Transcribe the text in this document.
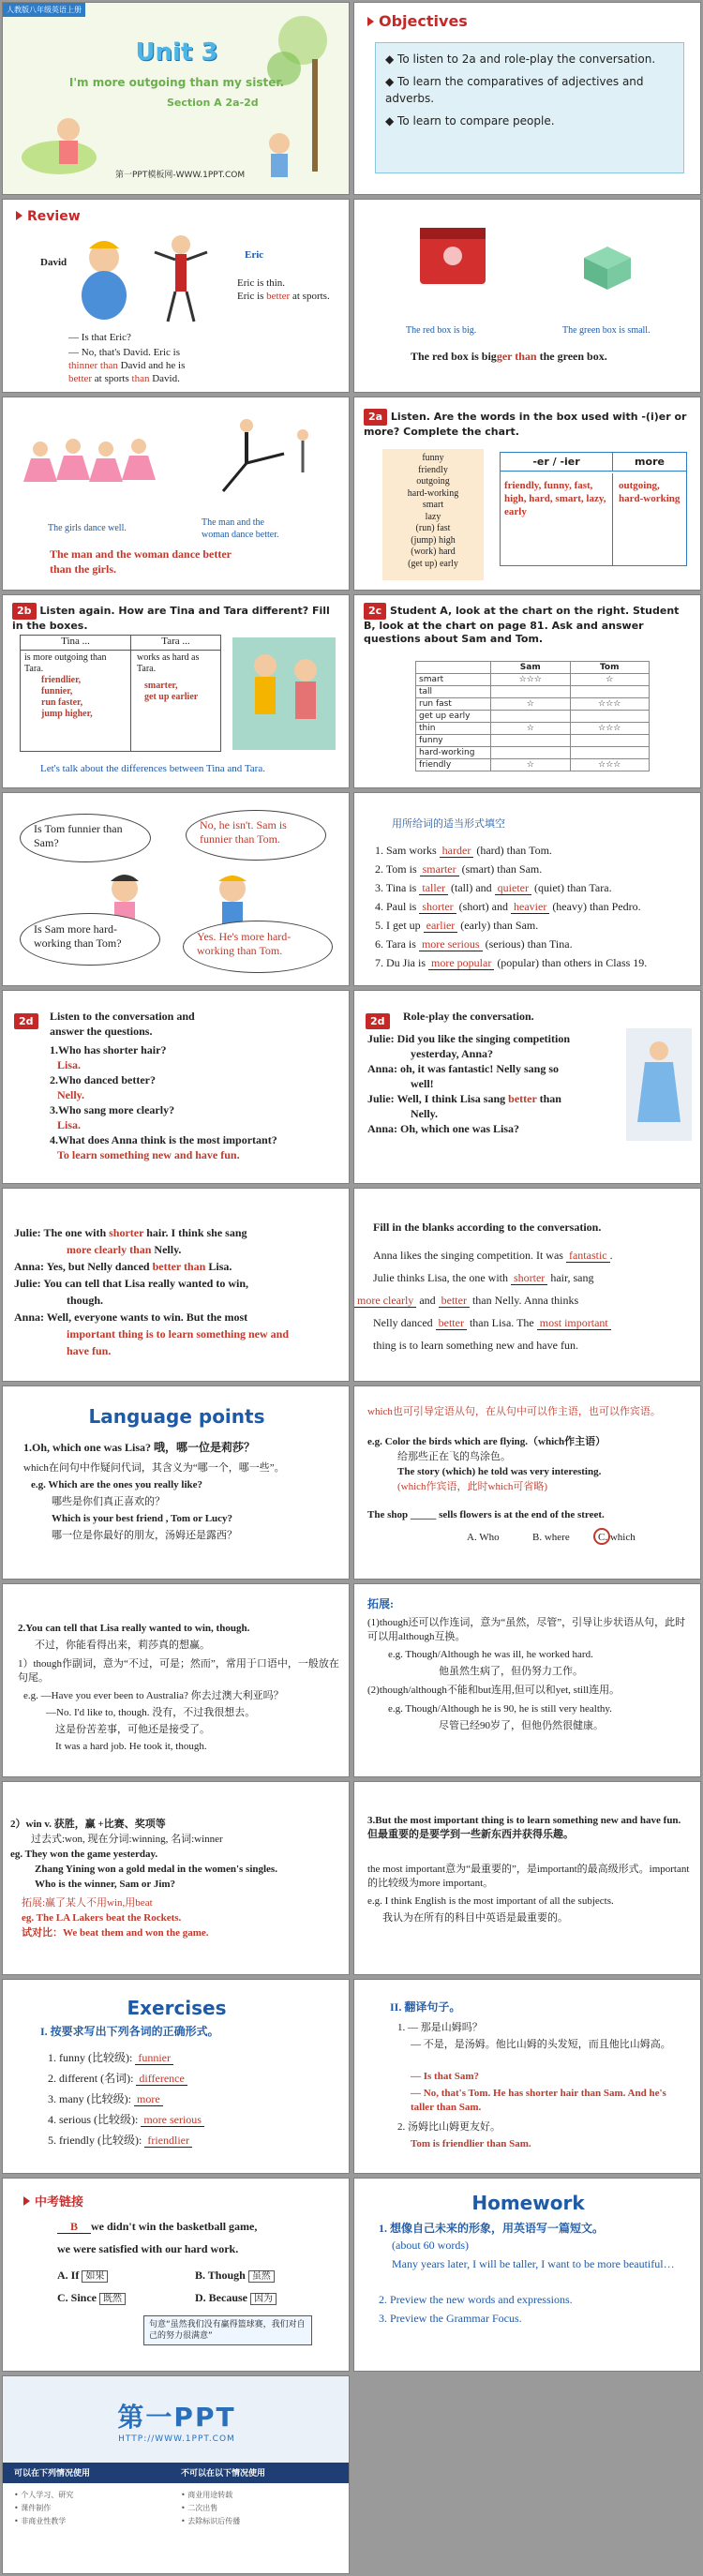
人教版八年级英语上册
Unit 3
I'm more outgoing than my sister.
Section A 2a-2d
第一PPT模板网-WWW.1PPT.COM
Objectives
◆ To listen to 2a and role-play the conversation.
◆ To learn the comparatives of adjectives and adverbs.
◆ To learn to compare people.
Review
David
Eric
Eric is thin.
Eric is better at sports.
— Is that Eric?
— No, that's David. Eric is
thinner than David and he is
better at sports than David.
The red box is big.	The green box is small.
The red box is bigger than the green box.
The girls dance well.
The man and the
woman dance better.
The man and the woman dance better
than the girls.
2a Listen. Are the words in the box used with -(i)er or more? Complete the chart.
funny
friendly
outgoing
hard-working
smart
lazy
(run) fast
(jump) high
(work) hard
(get up) early
-er / -ier	more
friendly, funny, fast, high, hard, smart, lazy, early
outgoing, hard-working
2b Listen again. How are Tina and Tara different? Fill in the boxes.
Tina ...	Tara ...
is more outgoing than Tara.
friendlier,
funnier,
run faster,
jump higher,
works as hard as Tara.
smarter,
get up earlier
Let's talk about the differences between Tina and Tara.
2c Student A, look at the chart on the right. Student B, look at the chart on page 81. Ask and answer questions about Sam and Tom.
	Sam	Tom
smart	☆☆☆	☆
tall		
run fast	☆	☆☆☆
get up early		
thin	☆	☆☆☆
funny		
hard-working		
friendly	☆	☆☆☆
Is Tom funnier than Sam?
No, he isn't. Sam is funnier than Tom.
Is Sam more hard-working than Tom?	Yes. He's more hard-working than Tom.
用所给词的适当形式填空
1. Sam works harder (hard) than Tom.
2. Tom is smarter (smart) than Sam.
3. Tina is taller (tall) and quieter (quiet) than Tara.
4. Paul is shorter (short) and heavier (heavy) than Pedro.
5. I get up earlier (early) than Sam.
6. Tara is more serious (serious) than Tina.
7. Du Jia is more popular (popular) than others in Class 19.
2d	Listen to the conversation and
answer the questions.
1.Who has shorter hair?
Lisa.
2.Who danced better?
Nelly.
3.Who sang more clearly?
Lisa.
4.What does Anna think is the most important?
To learn something new and have fun.
2d	Role-play the conversation.
Julie: Did you like the singing competition
yesterday, Anna?
Anna: oh, it was fantastic! Nelly sang so
well!
Julie: Well, I think Lisa sang better than
Nelly.
Anna: Oh, which one was Lisa?
Julie: The one with shorter hair. I think she sang
more clearly than Nelly.
Anna: Yes, but Nelly danced better than Lisa.
Julie: You can tell that Lisa really wanted to win,
though.
Anna: Well, everyone wants to win. But the most
important thing is to learn something new and
have fun.
Fill in the blanks according to the conversation.
Anna likes the singing competition. It was fantastic .
Julie thinks Lisa, the one with shorter hair, sang
more clearly and better than Nelly. Anna thinks
Nelly danced better than Lisa. The most important
thing is to learn something new and have fun.
Language points
1.Oh, which one was Lisa? 哦，哪一位是莉莎？
which在问句中作疑问代词，其含义为“哪一个，哪一些”。
e.g. Which are the ones you really like?
哪些是你们真正喜欢的？
Which is your best friend , Tom or Lucy?
哪一位是你最好的朋友，汤姆还是露西？
which也可引导定语从句，在从句中可以作主语，也可以作宾语。
e.g. Color the birds which are flying.（which作主语）
给那些正在飞的鸟涂色。
The story (which) he told was very interesting.
(which作宾语，此时which可省略)
The shop _____ sells flowers is at the end of the street.
A. Who	B. where	C. which
2.You can tell that Lisa really wanted to win, though.
不过，你能看得出来，莉莎真的想赢。
1）though作副词，意为“不过，可是；然而”，常用于口语中，一般放在句尾。
e.g. —Have you ever been to Australia? 你去过澳大利亚吗？
—No. I'd like to, though. 没有，不过我很想去。
这是份苦差事，可他还是接受了。
It was a hard job. He took it, though.
拓展:
(1)though还可以作连词，意为“虽然，尽管”，引导让步状语从句，此时可以用although互换。
e.g. Though/Although he was ill, he worked hard.
他虽然生病了，但仍努力工作。
(2)though/although不能和but连用,但可以和yet, still连用。
e.g. Though/Although he is 90, he is still very healthy.
尽管已经90岁了，但他仍然很健康。
2）win v. 获胜，赢 +比赛、奖项等
过去式:won, 现在分词:winning, 名词:winner
eg. They won the game yesterday.
Zhang Yining won a gold medal in the women's singles.
Who is the winner, Sam or Jim?
拓展:赢了某人不用win,用beat
eg. The LA Lakers beat the Rockets.
试对比：We beat them and won the game.
3.But the most important thing is to learn something new and have fun. 但最重要的是要学到一些新东西并获得乐趣。
the most important意为“最重要的”，是important的最高级形式。important的比较级为more important。
e.g. I think English is the most important of all the subjects.
我认为在所有的科目中英语是最重要的。
Exercises
I. 按要求写出下列各词的正确形式。
1. funny (比较级): funnier
2. different (名词): difference
3. many (比较级): more
4. serious (比较级): more serious
5. friendly (比较级): friendlier
II. 翻译句子。
1. — 那是山姆吗？
— 不是，是汤姆。他比山姆的头发短，而且他比山姆高。
— Is that Sam?
— No, that's Tom. He has shorter hair than Sam. And he's taller than Sam.
2. 汤姆比山姆更友好。
Tom is friendlier than Sam.
中考链接
B we didn't win the basketball game,
we were satisfied with our hard work.
A. If 如果	B. Though 虽然
C. Since 既然	D. Because 因为
句意“虽然我们没有赢得篮球赛，我们对自己的努力很满意”
Homework
1. 想像自己未来的形象，用英语写一篇短文。
(about 60 words)
Many years later, I will be taller, I want to be more beautiful…
2. Preview the new words and expressions.
3. Preview the Grammar Focus.
第一PPT
HTTP://WWW.1PPT.COM
可以在下列情况使用	不可以在以下情况使用
• 个人学习、研究
• 课件制作
• 非商业性教学
• 商业用途转载
• 二次出售
• 去除标识后传播
